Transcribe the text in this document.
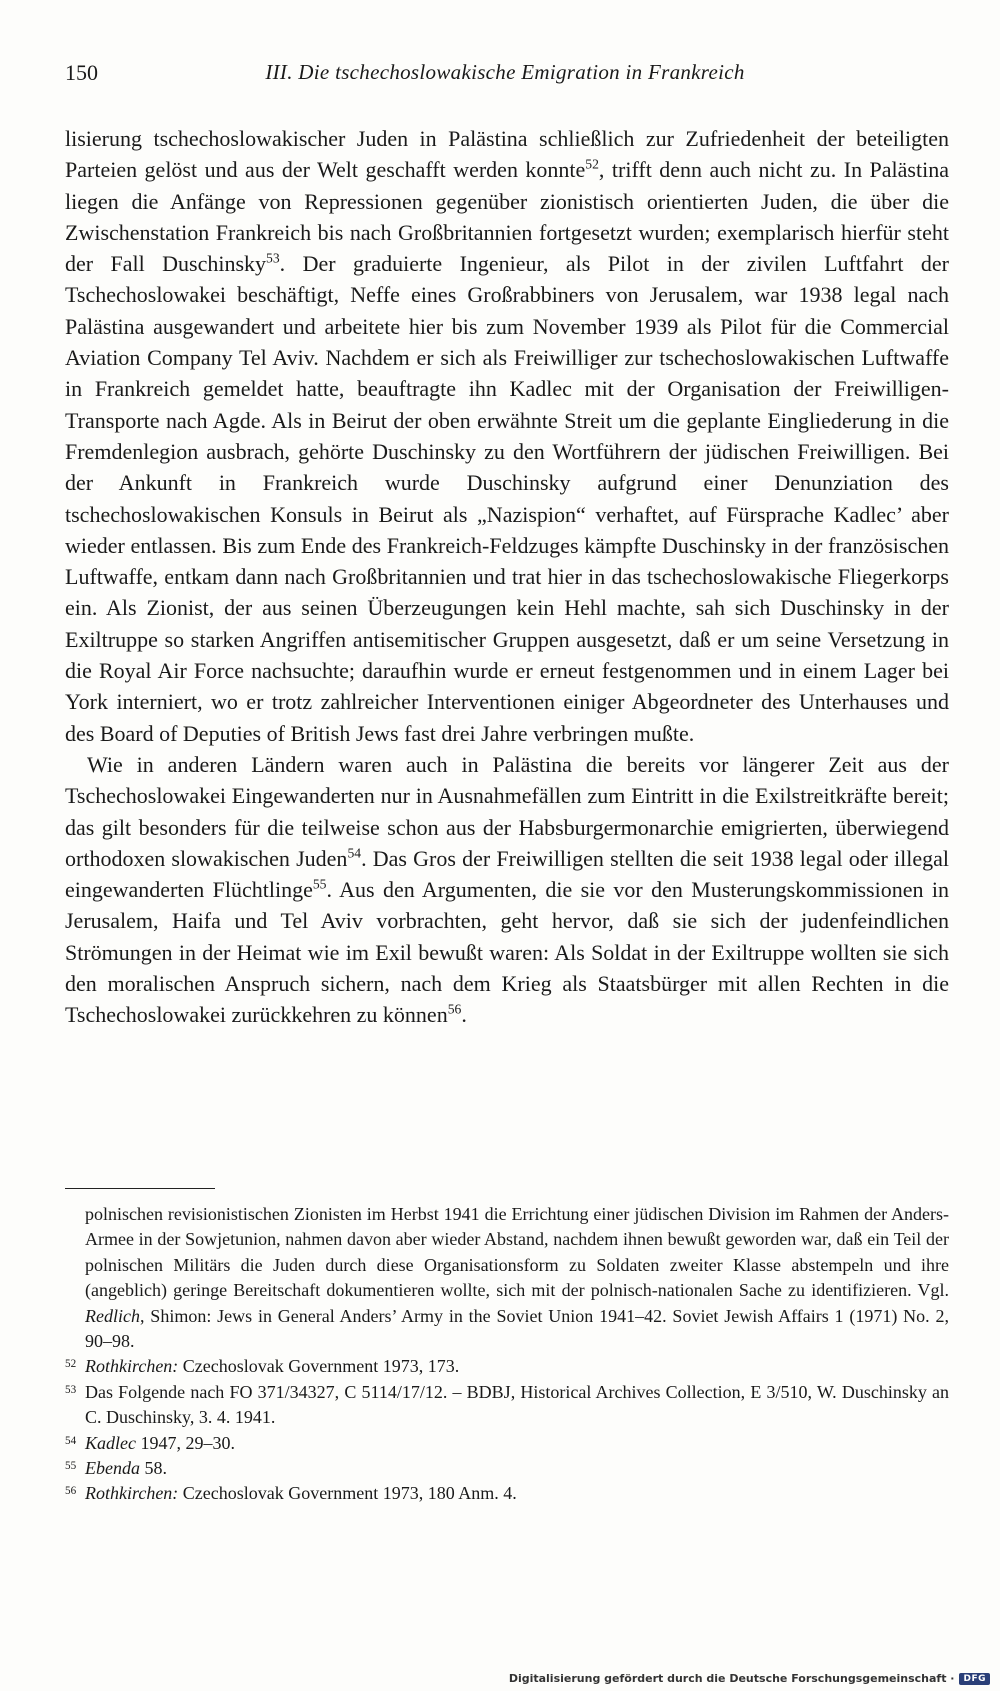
150	III. Die tschechoslowakische Emigration in Frankreich

lisierung tschechoslowakischer Juden in Palästina schließlich zur Zufriedenheit der beteiligten Parteien gelöst und aus der Welt geschafft werden konnte$^{52}$, trifft denn auch nicht zu. In Palästina liegen die Anfänge von Repressionen gegenüber zionistisch orientierten Juden, die über die Zwischenstation Frankreich bis nach Großbritannien fortgesetzt wurden; exemplarisch hierfür steht der Fall Duschinsky$^{53}$. Der graduierte Ingenieur, als Pilot in der zivilen Luftfahrt der Tschechoslowakei beschäftigt, Neffe eines Großrabbiners von Jerusalem, war 1938 legal nach Palästina ausgewandert und arbeitete hier bis zum November 1939 als Pilot für die Commercial Aviation Company Tel Aviv. Nachdem er sich als Freiwilliger zur tschechoslowakischen Luftwaffe in Frankreich gemeldet hatte, beauftragte ihn Kadlec mit der Organisation der Freiwilligen-Transporte nach Agde. Als in Beirut der oben erwähnte Streit um die geplante Eingliederung in die Fremdenlegion ausbrach, gehörte Duschinsky zu den Wortführern der jüdischen Freiwilligen. Bei der Ankunft in Frankreich wurde Duschinsky aufgrund einer Denunziation des tschechoslowakischen Konsuls in Beirut als „Nazispion“ verhaftet, auf Fürsprache Kadlec’ aber wieder entlassen. Bis zum Ende des Frankreich-Feldzuges kämpfte Duschinsky in der französischen Luftwaffe, entkam dann nach Großbritannien und trat hier in das tschechoslowakische Fliegerkorps ein. Als Zionist, der aus seinen Überzeugungen kein Hehl machte, sah sich Duschinsky in der Exiltruppe so starken Angriffen antisemitischer Gruppen ausgesetzt, daß er um seine Versetzung in die Royal Air Force nachsuchte; daraufhin wurde er erneut festgenommen und in einem Lager bei York interniert, wo er trotz zahlreicher Interventionen einiger Abgeordneter des Unterhauses und des Board of Deputies of British Jews fast drei Jahre verbringen mußte.

Wie in anderen Ländern waren auch in Palästina die bereits vor längerer Zeit aus der Tschechoslowakei Eingewanderten nur in Ausnahmefällen zum Eintritt in die Exilstreitkräfte bereit; das gilt besonders für die teilweise schon aus der Habsburgermonarchie emigrierten, überwiegend orthodoxen slowakischen Juden$^{54}$. Das Gros der Freiwilligen stellten die seit 1938 legal oder illegal eingewanderten Flüchtlinge$^{55}$. Aus den Argumenten, die sie vor den Musterungskommissionen in Jerusalem, Haifa und Tel Aviv vorbrachten, geht hervor, daß sie sich der judenfeindlichen Strömungen in der Heimat wie im Exil bewußt waren: Als Soldat in der Exiltruppe wollten sie sich den moralischen Anspruch sichern, nach dem Krieg als Staatsbürger mit allen Rechten in die Tschechoslowakei zurückkehren zu können$^{56}$.

polnischen revisionistischen Zionisten im Herbst 1941 die Errichtung einer jüdischen Division im Rahmen der Anders-Armee in der Sowjetunion, nahmen davon aber wieder Abstand, nachdem ihnen bewußt geworden war, daß ein Teil der polnischen Militärs die Juden durch diese Organisationsform zu Soldaten zweiter Klasse abstempeln und ihre (angeblich) geringe Bereitschaft dokumentieren wollte, sich mit der polnisch-nationalen Sache zu identifizieren. Vgl. Redlich, Shimon: Jews in General Anders’ Army in the Soviet Union 1941–42. Soviet Jewish Affairs 1 (1971) No. 2, 90–98.

$^{52}$ Rothkirchen: Czechoslovak Government 1973, 173.

$^{53}$ Das Folgende nach FO 371/34327, C 5114/17/12. – BDBJ, Historical Archives Collection, E 3/510, W. Duschinsky an C. Duschinsky, 3. 4. 1941.

$^{54}$ Kadlec 1947, 29–30.

$^{55}$ Ebenda 58.

$^{56}$ Rothkirchen: Czechoslovak Government 1973, 180 Anm. 4.

Digitalisierung gefördert durch die Deutsche Forschungsgemeinschaft ·	DFG
